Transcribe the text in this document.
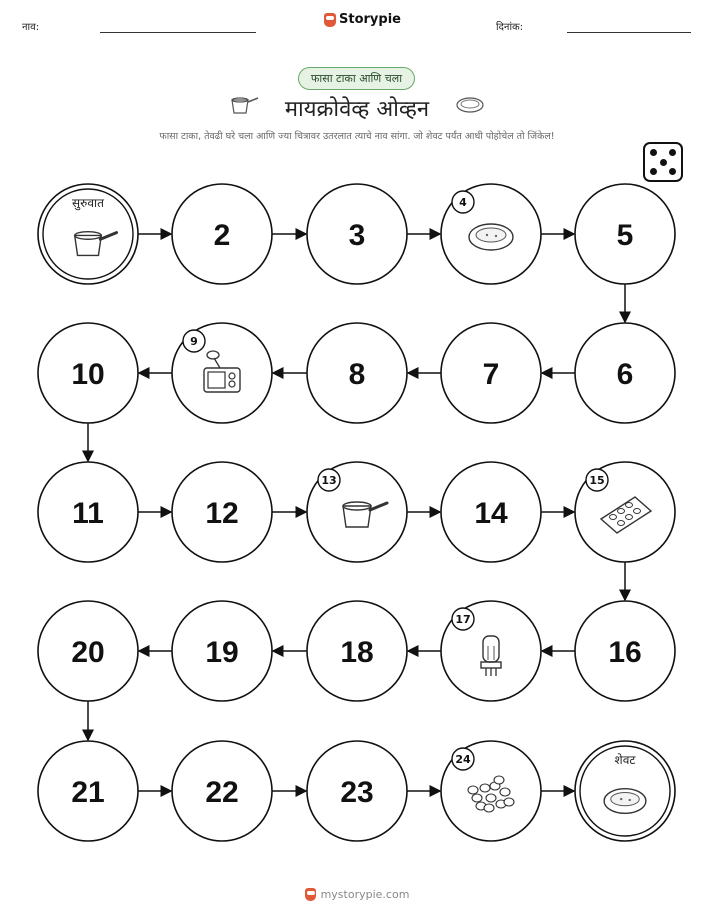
नाव:
Storypie
दिनांक:
फासा टाका आणि चला
मायक्रोवेव्ह ओव्हन
फासा टाका, तेवढी घरे चला आणि ज्या चित्रावर उतरलात त्याचे नाव सांगा. जो शेवट पर्यंत आधी पोहोचेल तो जिंकेल!
सुरुवात
2	3
4
5
6
7
8
9
10
11	12
13
14
15
16
17
18
19
20
21	22	23
24	शेवट
mystorypie.com
